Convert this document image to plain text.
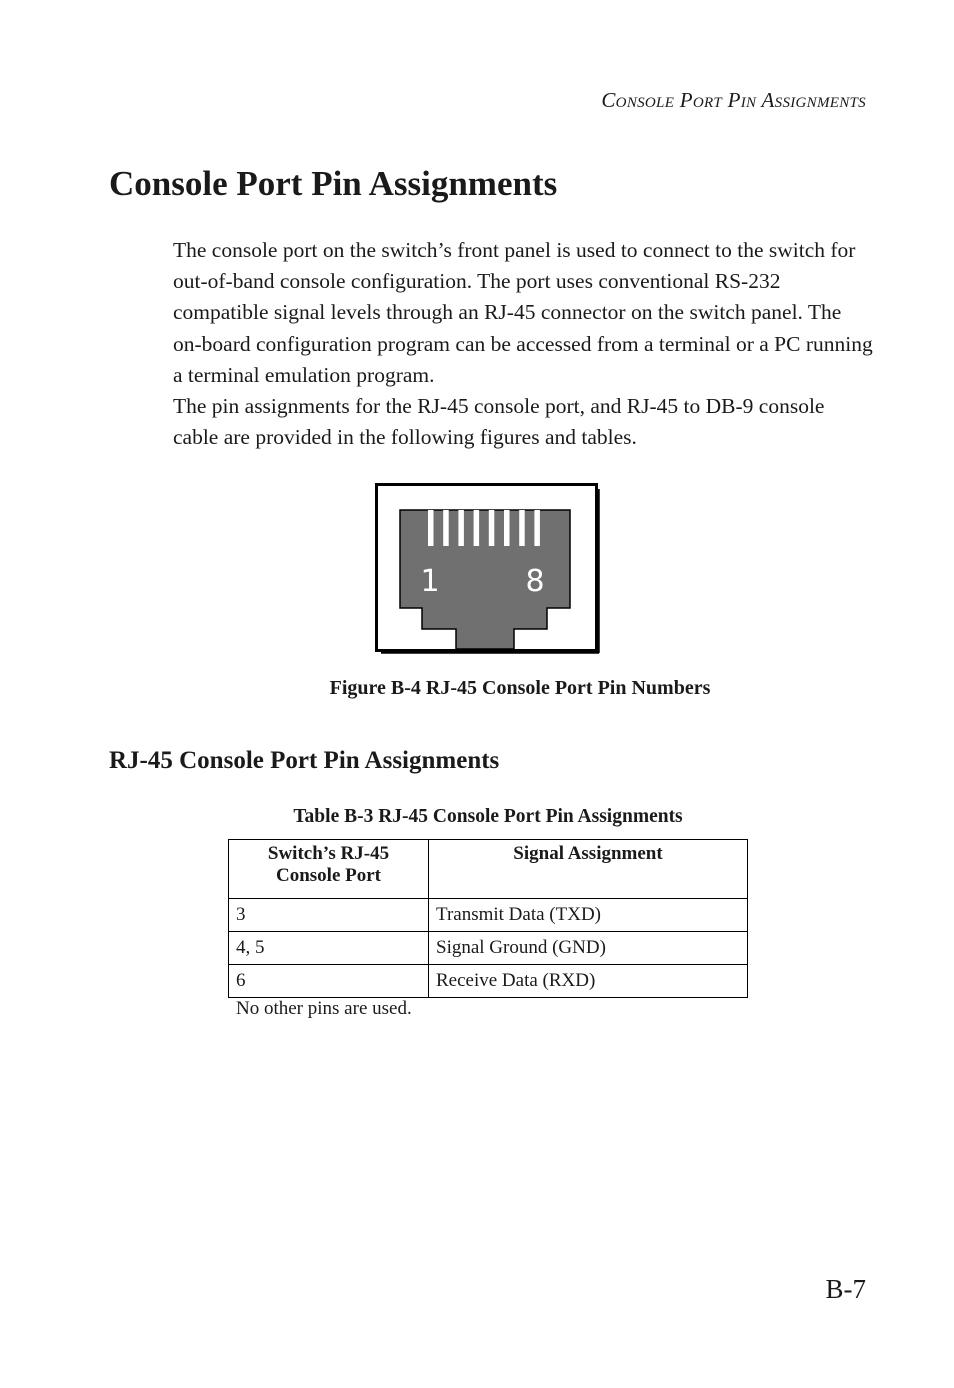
Console Port Pin Assignments
Console Port Pin Assignments

The console port on the switch’s front panel is used to connect to the switch for out-of-band console configuration. The port uses conventional RS-232 compatible signal levels through an RJ-45 connector on the switch panel. The on-board configuration program can be accessed from a terminal or a PC running a terminal emulation program.

The pin assignments for the RJ-45 console port, and RJ-45 to DB-9 console cable are provided in the following figures and tables.

1	8
Figure B-4 RJ-45 Console Port Pin Numbers
RJ-45 Console Port Pin Assignments
Table B-3 RJ-45 Console Port Pin Assignments
Switch’s RJ-45
Console Port	Signal Assignment
3	Transmit Data (TXD)
4, 5	Signal Ground (GND)
6	Receive Data (RXD)
No other pins are used.
B-7
